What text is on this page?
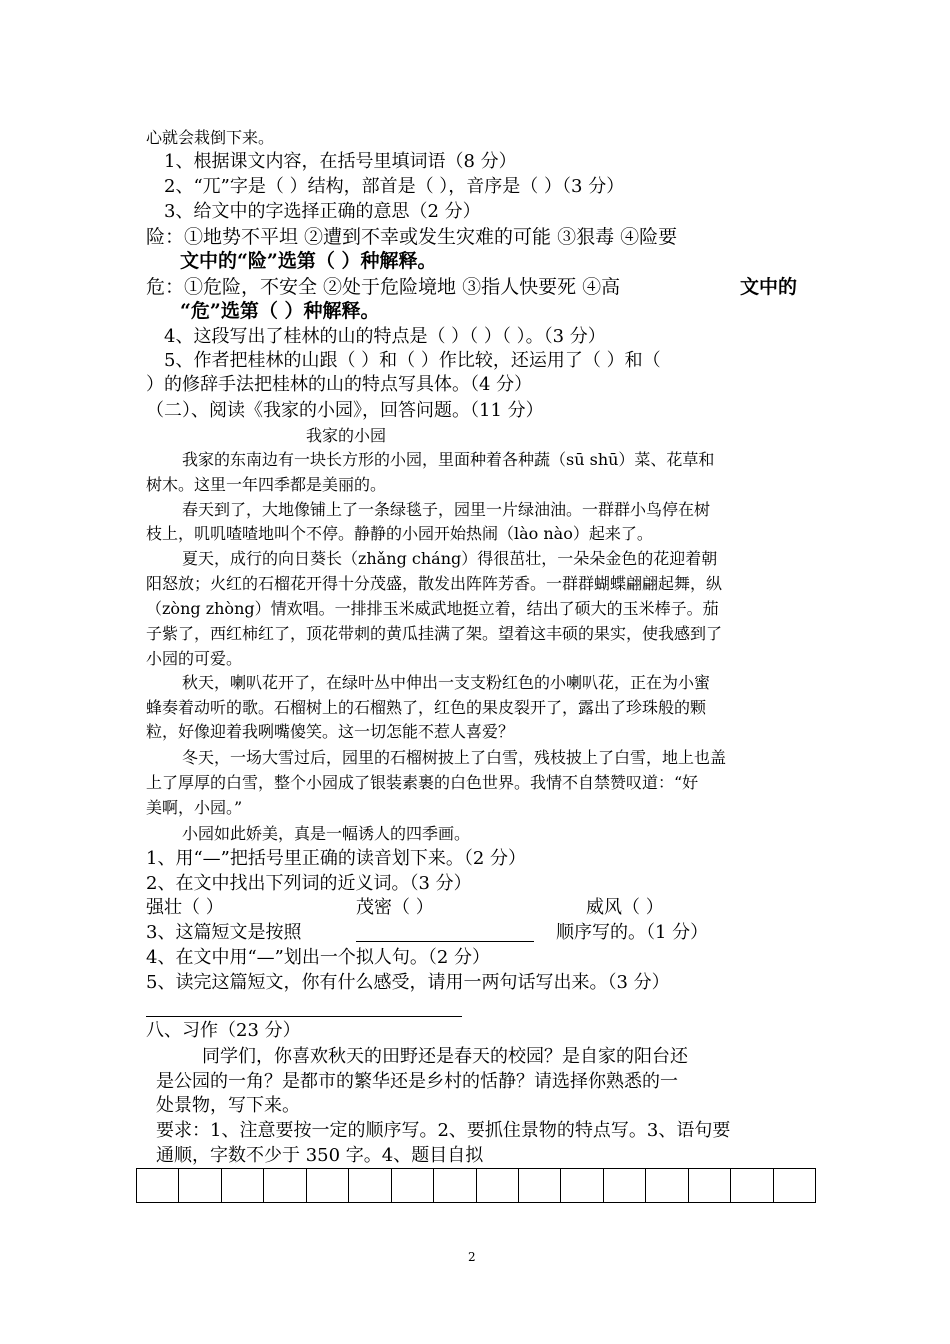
心就会栽倒下来。
1、根据课文内容，在括号里填词语（8 分）
2、“兀”字是（ ）结构，部首是（ ），音序是（ ）（3 分）
3、给文中的字选择正确的意思（2 分）
险：①地势不平坦 ②遭到不幸或发生灾难的可能 ③狠毒 ④险要
文中的“险”选第（ ）种解释。
危：①危险，不安全 ②处于危险境地 ③指人快要死 ④高	文中的
“危”选第（ ）种解释。
4、这段写出了桂林的山的特点是（ ）（ ）（ ）。（3 分）
5、作者把桂林的山跟（ ）和（ ）作比较，还运用了（ ）和（
）的修辞手法把桂林的山的特点写具体。（4 分）
（二）、阅读《我家的小园》，回答问题。（11 分）
我家的小园
我家的东南边有一块长方形的小园，里面种着各种蔬（sū shū）菜、花草和
树木。这里一年四季都是美丽的。
春天到了，大地像铺上了一条绿毯子，园里一片绿油油。一群群小鸟停在树
枝上，叽叽喳喳地叫个不停。静静的小园开始热闹（lào nào）起来了。
夏天，成行的向日葵长（zhǎng cháng）得很茁壮，一朵朵金色的花迎着朝
阳怒放；火红的石榴花开得十分茂盛，散发出阵阵芳香。一群群蝴蝶翩翩起舞，纵
（zòng zhòng）情欢唱。一排排玉米威武地挺立着，结出了硕大的玉米棒子。茄
子紫了，西红柿红了，顶花带刺的黄瓜挂满了架。望着这丰硕的果实，使我感到了
小园的可爱。
秋天，喇叭花开了，在绿叶丛中伸出一支支粉红色的小喇叭花，正在为小蜜
蜂奏着动听的歌。石榴树上的石榴熟了，红色的果皮裂开了，露出了珍珠般的颗
粒，好像迎着我咧嘴傻笑。这一切怎能不惹人喜爱？
冬天，一场大雪过后，园里的石榴树披上了白雪，残枝披上了白雪，地上也盖
上了厚厚的白雪，整个小园成了银装素裹的白色世界。我情不自禁赞叹道：“好
美啊，小园。”
小园如此娇美，真是一幅诱人的四季画。
1、用“—”把括号里正确的读音划下来。（2 分）
2、在文中找出下列词的近义词。（3 分）
强壮（ ）	茂密（ ）	威风（ ）
3、这篇短文是按照	顺序写的。（1 分）
4、在文中用“—”划出一个拟人句。（2 分）
5、读完这篇短文，你有什么感受，请用一两句话写出来。（3 分）
八、习作（23 分）
同学们，你喜欢秋天的田野还是春天的校园？是自家的阳台还
是公园的一角？是都市的繁华还是乡村的恬静？请选择你熟悉的一
处景物，写下来。
要求：1、注意要按一定的顺序写。2、要抓住景物的特点写。3、语句要
通顺，字数不少于 350 字。4、题目自拟
2
